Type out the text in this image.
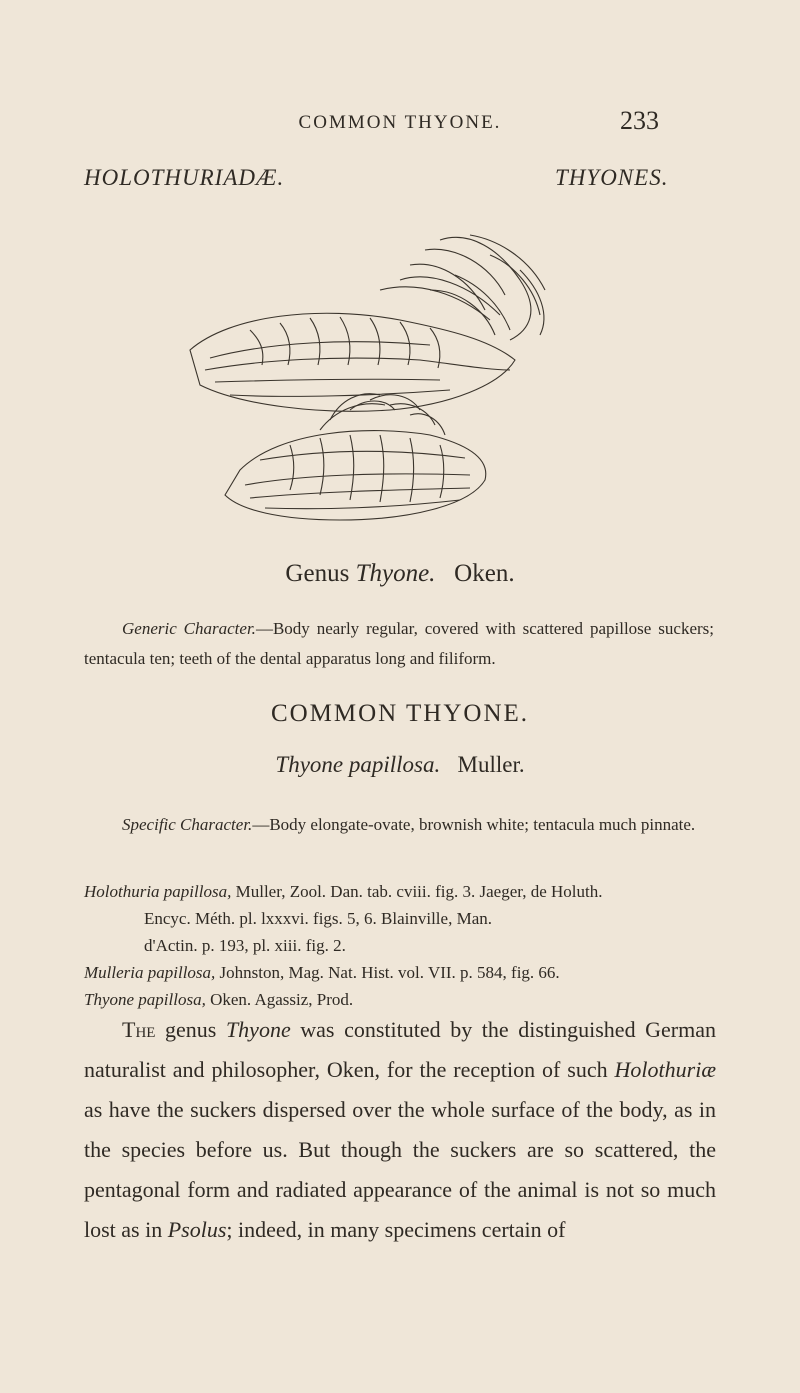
COMMON THYONE.	233
HOLOTHURIADÆ.	THYONES.
Genus Thyone. Oken.
Generic Character.—Body nearly regular, covered with scattered papillose suckers; tentacula ten; teeth of the dental apparatus long and filiform.
COMMON THYONE.
Thyone papillosa. Muller.
Specific Character.—Body elongate-ovate, brownish white; tentacula much pinnate.
Holothuria papillosa, Muller, Zool. Dan. tab. cviii. fig. 3. Jaeger, de Holuth.
Encyc. Méth. pl. lxxxvi. figs. 5, 6. Blainville, Man.
d'Actin. p. 193, pl. xiii. fig. 2.
Mulleria papillosa, Johnston, Mag. Nat. Hist. vol. VII. p. 584, fig. 66.
Thyone papillosa, Oken. Agassiz, Prod.
The genus Thyone was constituted by the distinguished German naturalist and philosopher, Oken, for the reception of such Holothuriæ as have the suckers dispersed over the whole surface of the body, as in the species before us. But though the suckers are so scattered, the pentagonal form and radiated appearance of the animal is not so much lost as in Psolus; indeed, in many specimens certain of
